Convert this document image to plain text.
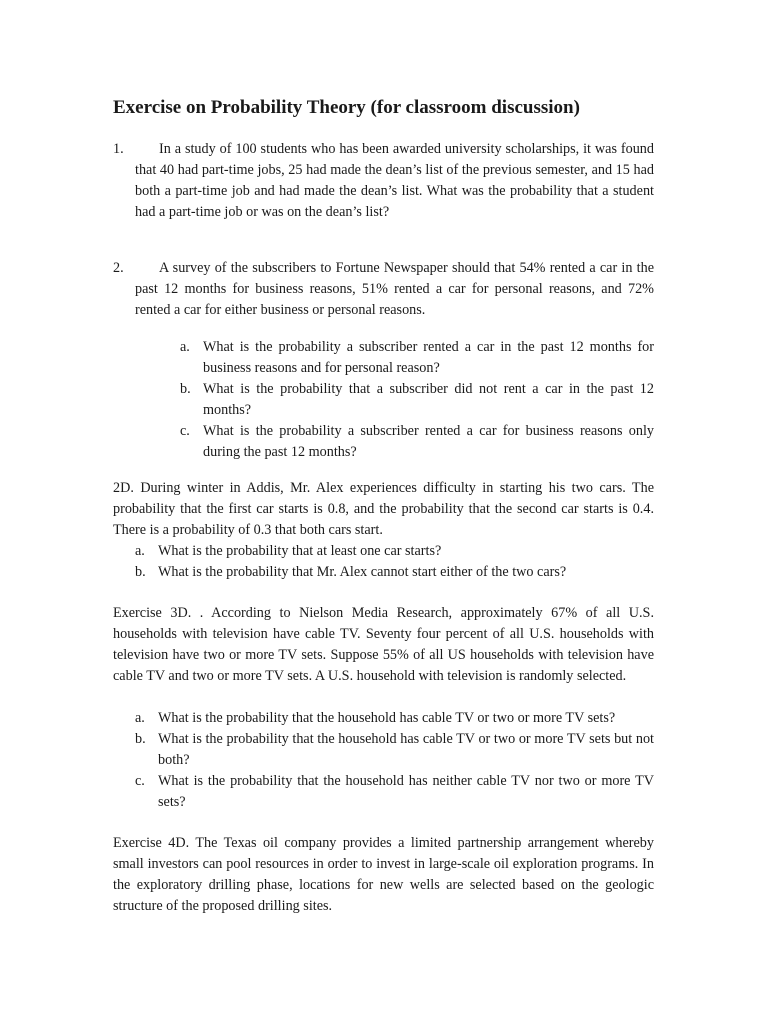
Exercise on Probability Theory (for classroom discussion)
1.	In a study of 100 students who has been awarded university scholarships, it was found that 40 had part-time jobs, 25 had made the dean’s list of the previous semester, and 15 had both a part-time job and had made the dean’s list. What was the probability that a student had a part-time job or was on the dean’s list?
2.	A survey of the subscribers to Fortune Newspaper should that 54% rented a car in the past 12 months for business reasons, 51% rented a car for personal reasons, and 72% rented a car for either business or personal reasons.
a. What is the probability a subscriber rented a car in the past 12 months for business reasons and for personal reason?
b. What is the probability that a subscriber did not rent a car in the past 12 months?
c. What is the probability a subscriber rented a car for business reasons only during the past 12 months?

2D. During winter in Addis, Mr. Alex experiences difficulty in starting his two cars. The probability that the first car starts is 0.8, and the probability that the second car starts is 0.4. There is a probability of 0.3 that both cars start.

a. What is the probability that at least one car starts?
b. What is the probability that Mr. Alex cannot start either of the two cars?

Exercise 3D. . According to Nielson Media Research, approximately 67% of all U.S. households with television have cable TV. Seventy four percent of all U.S. households with television have two or more TV sets. Suppose 55% of all US households with television have cable TV and two or more TV sets. A U.S. household with television is randomly selected.

a. What is the probability that the household has cable TV or two or more TV sets?
b. What is the probability that the household has cable TV or two or more TV sets but not both?
c. What is the probability that the household has neither cable TV nor two or more TV sets?

Exercise 4D. The Texas oil company provides a limited partnership arrangement whereby small investors can pool resources in order to invest in large-scale oil exploration programs. In the exploratory drilling phase, locations for new wells are selected based on the geologic structure of the proposed drilling sites.
